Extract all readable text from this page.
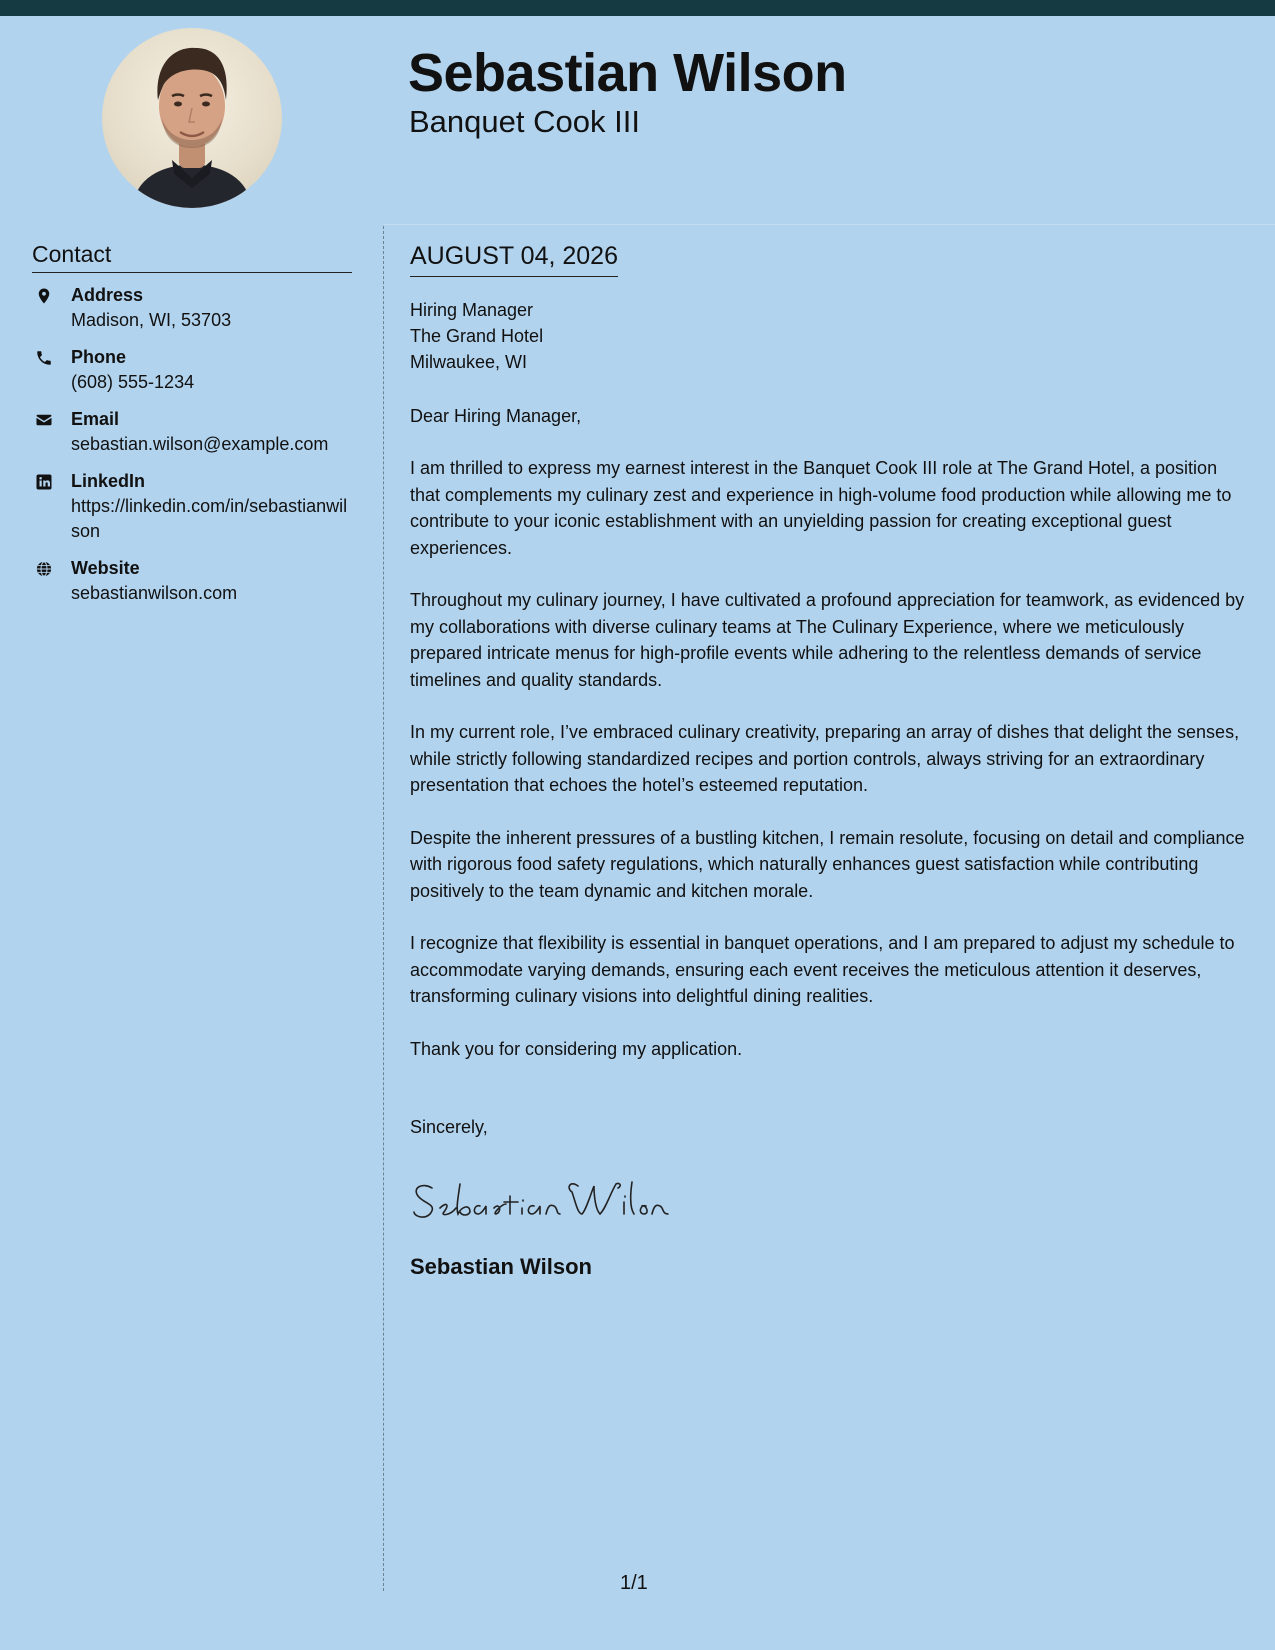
Sebastian Wilson
Banquet Cook III
Contact
Address
Madison, WI, 53703
Phone
(608) 555-1234
Email
sebastian.wilson@example.com
LinkedIn
https://linkedin.com/in/sebastianwilson
Website
sebastianwilson.com
AUGUST 04, 2026
Hiring Manager
The Grand Hotel
Milwaukee, WI
Dear Hiring Manager,

I am thrilled to express my earnest interest in the Banquet Cook III role at The Grand Hotel, a position that complements my culinary zest and experience in high-volume food production while allowing me to contribute to your iconic establishment with an unyielding passion for creating exceptional guest experiences.

Throughout my culinary journey, I have cultivated a profound appreciation for teamwork, as evidenced by my collaborations with diverse culinary teams at The Culinary Experience, where we meticulously prepared intricate menus for high-profile events while adhering to the relentless demands of service timelines and quality standards.

In my current role, I’ve embraced culinary creativity, preparing an array of dishes that delight the senses, while strictly following standardized recipes and portion controls, always striving for an extraordinary presentation that echoes the hotel’s esteemed reputation.

Despite the inherent pressures of a bustling kitchen, I remain resolute, focusing on detail and compliance with rigorous food safety regulations, which naturally enhances guest satisfaction while contributing positively to the team dynamic and kitchen morale.

I recognize that flexibility is essential in banquet operations, and I am prepared to adjust my schedule to accommodate varying demands, ensuring each event receives the meticulous attention it deserves, transforming culinary visions into delightful dining realities.

Thank you for considering my application.

Sincerely,
Sebastian Wilson
1/1
